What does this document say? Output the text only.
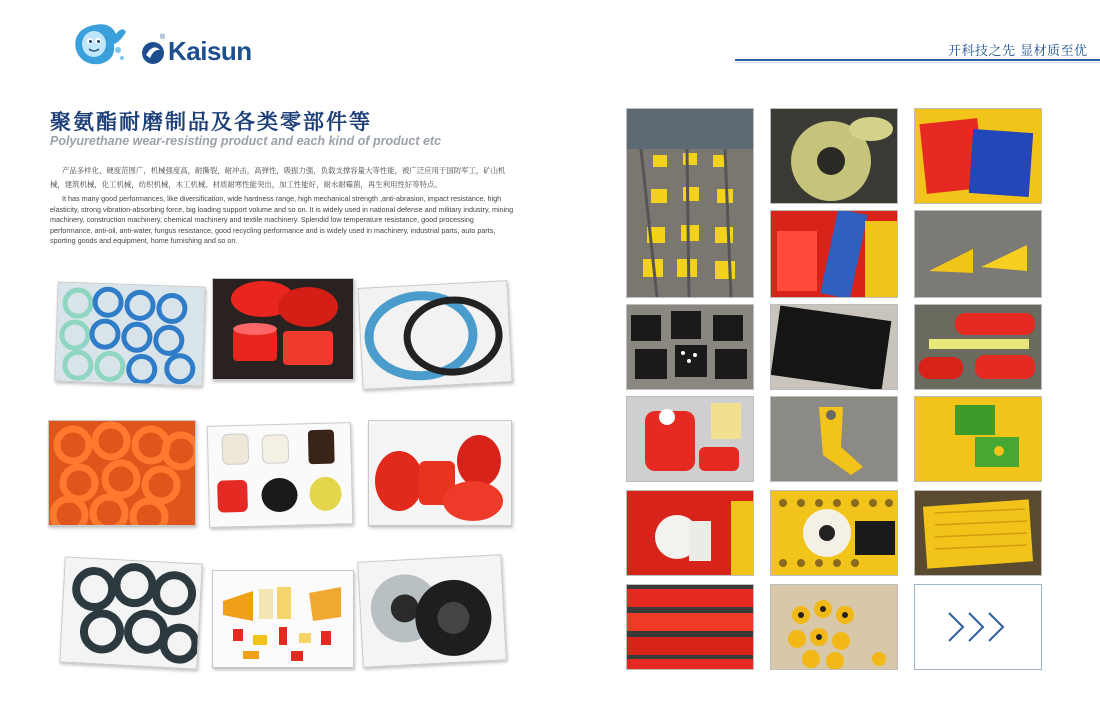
® Kaisun	开科技之先 显材质至优
聚氨酯耐磨制品及各类零部件等
Polyurethane wear-resisting product and each kind of product etc
产品多样化，硬度范围广，机械强度高，耐撕裂，耐冲击，高弹性，吸振力强，负载支撑容量大等性能，被广泛应用于国防军工，矿山机械，建筑机械，化工机械，纺织机械，木工机械。材质耐寒性能突出，加工性能好，耐水耐霉菌，再生利用性好等特点。
It has many good performances, like diversification, wide hardness range, high mechanical strength ,anti-abrasion, impact resistance, high elasticity, strong vibration-absorbing force, big loading support volume and so on. It is widely used in national defense and military industry, mining machinery, construction machinery, chemical machinery and textile machinery. Splendid low temperature resistance, good processing performance, anti-oil, anti-water, fungus resistance, good recycling performance and is widely used in machinery, industrial parts, auto parts, sporting goods and equipment, home furnishing and so on.
